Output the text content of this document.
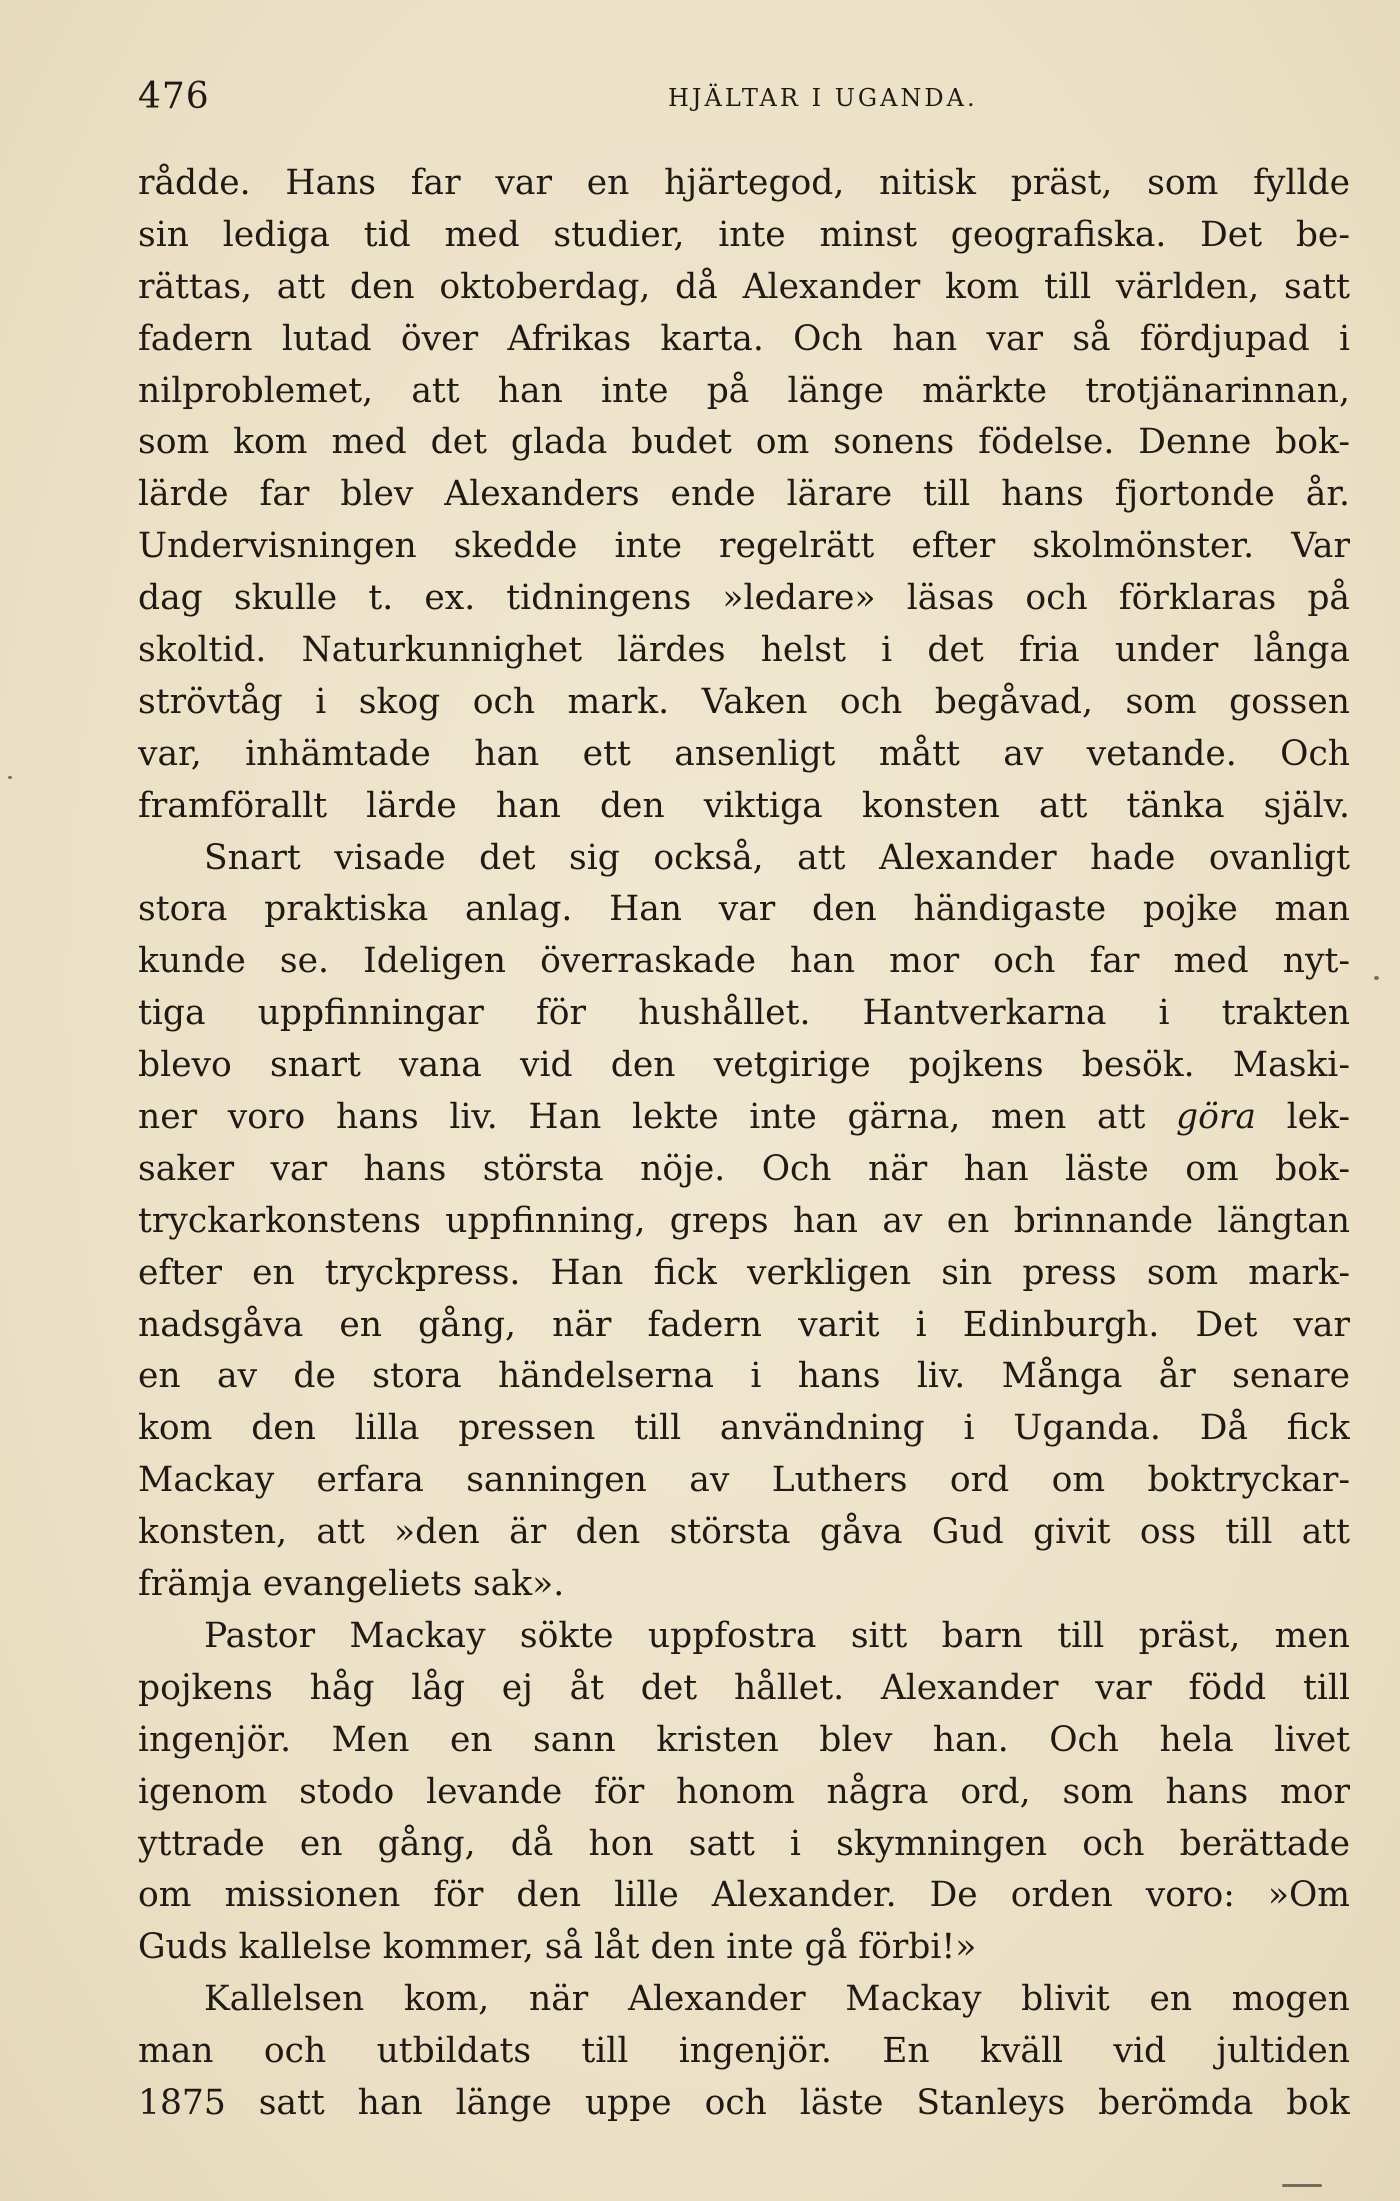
476	HJÄLTAR I UGANDA.
rådde. Hans far var en hjärtegod, nitisk präst, som fyllde
sin lediga tid med studier, inte minst geografiska. Det be-
rättas, att den oktoberdag, då Alexander kom till världen, satt
fadern lutad över Afrikas karta. Och han var så fördjupad i
nilproblemet, att han inte på länge märkte trotjänarinnan,
som kom med det glada budet om sonens födelse. Denne bok-
lärde far blev Alexanders ende lärare till hans fjortonde år.
Undervisningen skedde inte regelrätt efter skolmönster. Var
dag skulle t. ex. tidningens »ledare» läsas och förklaras på
skoltid. Naturkunnighet lärdes helst i det fria under långa
strövtåg i skog och mark. Vaken och begåvad, som gossen
var, inhämtade han ett ansenligt mått av vetande. Och
framförallt lärde han den viktiga konsten att tänka själv.
Snart visade det sig också, att Alexander hade ovanligt
stora praktiska anlag. Han var den händigaste pojke man
kunde se. Ideligen överraskade han mor och far med nyt-
tiga uppfinningar för hushållet. Hantverkarna i trakten
blevo snart vana vid den vetgirige pojkens besök. Maski-
ner voro hans liv. Han lekte inte gärna, men att göra lek-
saker var hans största nöje. Och när han läste om bok-
tryckarkonstens uppfinning, greps han av en brinnande längtan
efter en tryckpress. Han fick verkligen sin press som mark-
nadsgåva en gång, när fadern varit i Edinburgh. Det var
en av de stora händelserna i hans liv. Många år senare
kom den lilla pressen till användning i Uganda. Då fick
Mackay erfara sanningen av Luthers ord om boktryckar-
konsten, att »den är den största gåva Gud givit oss till att
främja evangeliets sak».
Pastor Mackay sökte uppfostra sitt barn till präst, men
pojkens håg låg ej åt det hållet. Alexander var född till
ingenjör. Men en sann kristen blev han. Och hela livet
igenom stodo levande för honom några ord, som hans mor
yttrade en gång, då hon satt i skymningen och berättade
om missionen för den lille Alexander. De orden voro: »Om
Guds kallelse kommer, så låt den inte gå förbi!»
Kallelsen kom, när Alexander Mackay blivit en mogen
man och utbildats till ingenjör. En kväll vid jultiden
1875 satt han länge uppe och läste Stanleys berömda bok
